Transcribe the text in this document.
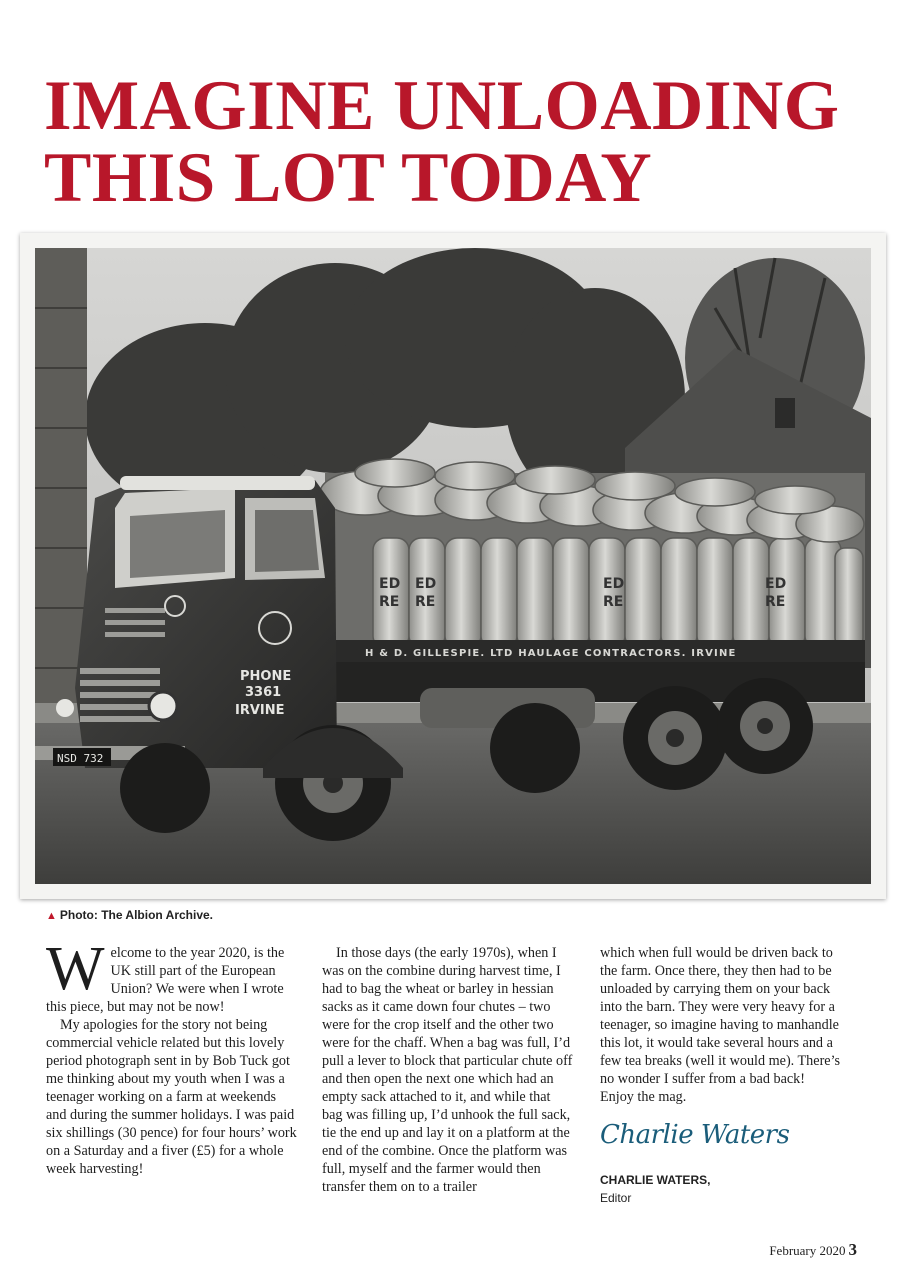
IMAGINE UNLOADING
THIS LOT TODAY
ED
RE
ED
RE
ED
RE
ED
RE
H & D. GILLESPIE. LTD HAULAGE CONTRACTORS. IRVINE
PHONE
3361
IRVINE
NSD 732
▲ Photo: The Albion Archive.

Welcome to the year 2020, is the UK still part of the European Union? We were when I wrote this piece, but may not be now!

My apologies for the story not being commercial vehicle related but this lovely period photograph sent in by Bob Tuck got me thinking about my youth when I was a teenager working on a farm at weekends and during the summer holidays. I was paid six shillings (30 pence) for four hours’ work on a Saturday and a fiver (£5) for a whole week harvesting!

In those days (the early 1970s), when I was on the combine during harvest time, I had to bag the wheat or barley in hessian sacks as it came down four chutes – two were for the crop itself and the other two were for the chaff. When a bag was full, I’d pull a lever to block that particular chute off and then open the next one which had an empty sack attached to it, and while that bag was filling up, I’d unhook the full sack, tie the end up and lay it on a platform at the end of the combine. Once the platform was full, myself and the farmer would then transfer them on to a trailer

which when full would be driven back to the farm. Once there, they then had to be unloaded by carrying them on your back into the barn. They were very heavy for a teenager, so imagine having to manhandle this lot, it would take several hours and a few tea breaks (well it would me). There’s no wonder I suffer from a bad back!

Enjoy the mag.

Charlie Waters
CHARLIE WATERS,
Editor
February 2020 3
